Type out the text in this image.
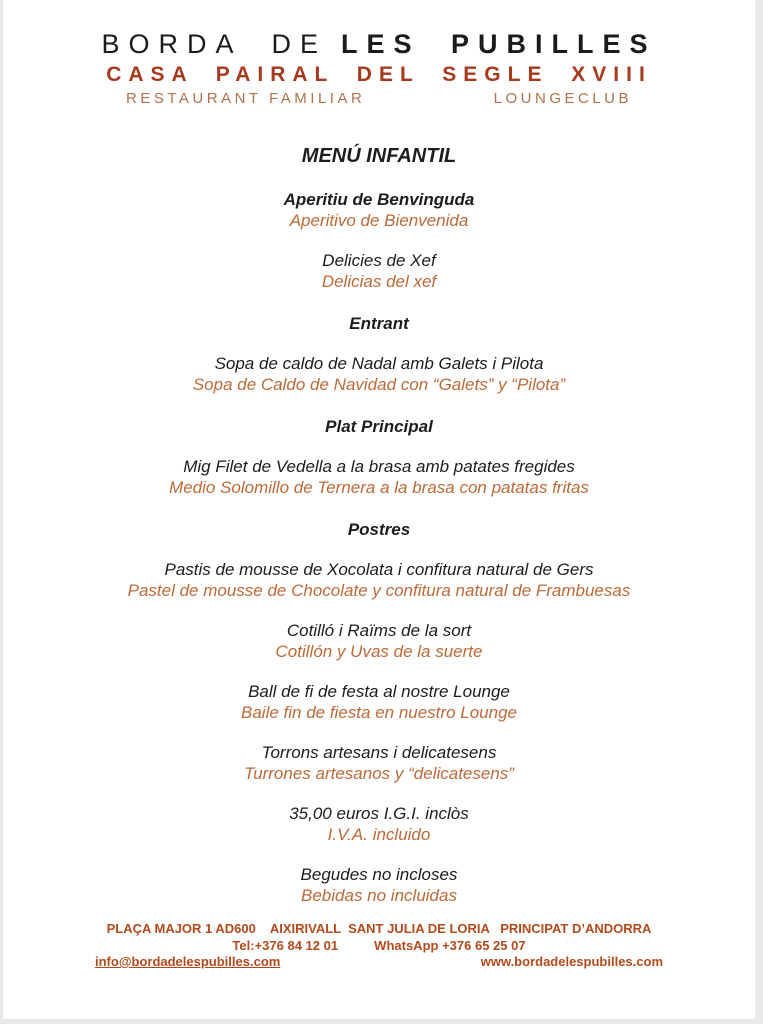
BORDA DE LES PUBILLES
CASA PAIRAL DEL SEGLE XVIII
RESTAURANT FAMILIAR	LOUNGECLUB
MENÚ INFANTIL
Aperitiu de Benvinguda
Aperitivo de Bienvenida
Delicies de Xef
Delicias del xef
Entrant
Sopa de caldo de Nadal amb Galets i Pilota
Sopa de Caldo de Navidad con “Galets” y “Pilota”
Plat Principal
Mig Filet de Vedella a la brasa amb patates fregides
Medio Solomillo de Ternera a la brasa con patatas fritas
Postres
Pastis de mousse de Xocolata i confitura natural de Gers
Pastel de mousse de Chocolate y confitura natural de Frambuesas
Cotilló i Raïms de la sort
Cotillón y Uvas de la suerte
Ball de fi de festa al nostre Lounge
Baile fin de fiesta en nuestro Lounge
Torrons artesans i delicatesens
Turrones artesanos y “delicatesens”
35,00 euros I.G.I. inclòs
I.V.A. incluido
Begudes no incloses
Bebidas no incluidas
PLAÇA MAJOR 1 AD600    AIXIRIVALL  SANT JULIA DE LORIA   PRINCIPAT D’ANDORRA
Tel:+376 84 12 01          WhatsApp +376 65 25 07
info@bordadelespubilles.com	www.bordadelespubilles.com
